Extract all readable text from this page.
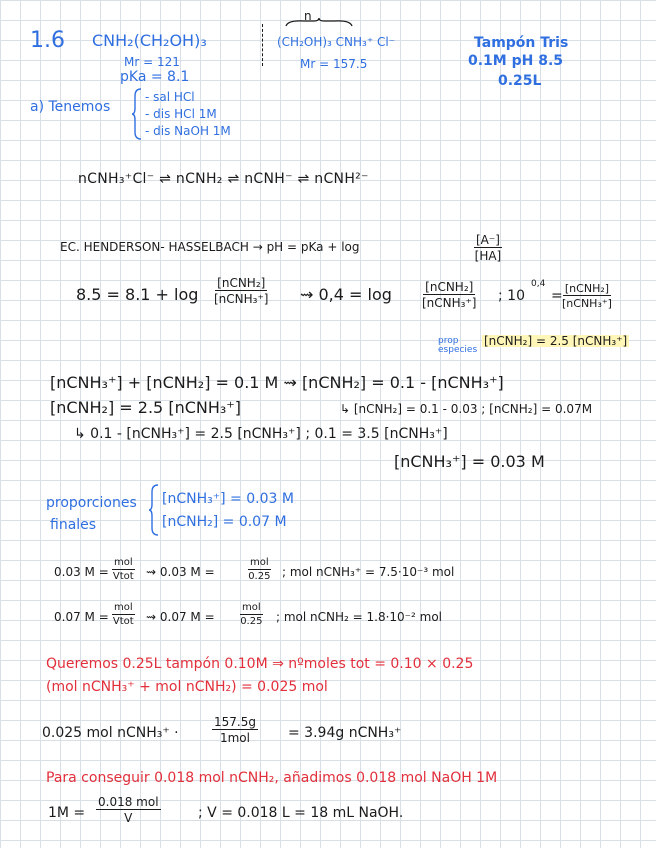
1.6 CNH₂(CH₂OH)₃
Mr = 121
pKa = 8.1
n
(CH₂OH)₃ CNH₃⁺ Cl⁻
Mr = 157.5
Tampón Tris
0.1M pH 8.5
0.25L
a) Tenemos
- sal HCl
- dis HCl 1M
- dis NaOH 1M
nCNH₃⁺Cl⁻ ⇌ nCNH₂ ⇌ nCNH⁻ ⇌ nCNH²⁻
EC. HENDERSON- HASSELBACH → pH = pKa + log	$\frac{[A^-]}{[HA]}$
8.5 = 8.1 + log
[nCNH₂]
[nCNH₃⁺] ⇝ 0,4 = log	[nCNH₂]
[nCNH₃⁺] ; 10
0,4
= [nCNH₂]
[nCNH₃⁺]
prop especies
[nCNH₂] = 2.5 [nCNH₃⁺]
[nCNH₃⁺] + [nCNH₂] = 0.1 M ⇝ [nCNH₂] = 0.1 - [nCNH₃⁺]
[nCNH₂] = 2.5 [nCNH₃⁺]	↳ [nCNH₂] = 0.1 - 0.03 ; [nCNH₂] = 0.07M
↳ 0.1 - [nCNH₃⁺] = 2.5 [nCNH₃⁺] ; 0.1 = 3.5 [nCNH₃⁺]
[nCNH₃⁺] = 0.03 M
proporciones
finales
[nCNH₃⁺] = 0.03 M
[nCNH₂] = 0.07 M
0.03 M =
mol
Vtot ⇝ 0.03 M =
mol
0.25 ; mol nCNH₃⁺ = 7.5·10⁻³ mol
0.07 M =
mol
Vtot ⇝ 0.07 M =
mol
0.25 ; mol nCNH₂ = 1.8·10⁻² mol
Queremos 0.25L tampón 0.10M ⇒ nºmoles tot = 0.10 × 0.25
(mol nCNH₃⁺ + mol nCNH₂) = 0.025 mol
0.025 mol nCNH₃⁺ ·
157.5g
1mol	= 3.94g nCNH₃⁺
Para conseguir 0.018 mol nCNH₂, añadimos 0.018 mol NaOH 1M
1M =
0.018 mol
V	; V = 0.018 L = 18 mL NaOH.
